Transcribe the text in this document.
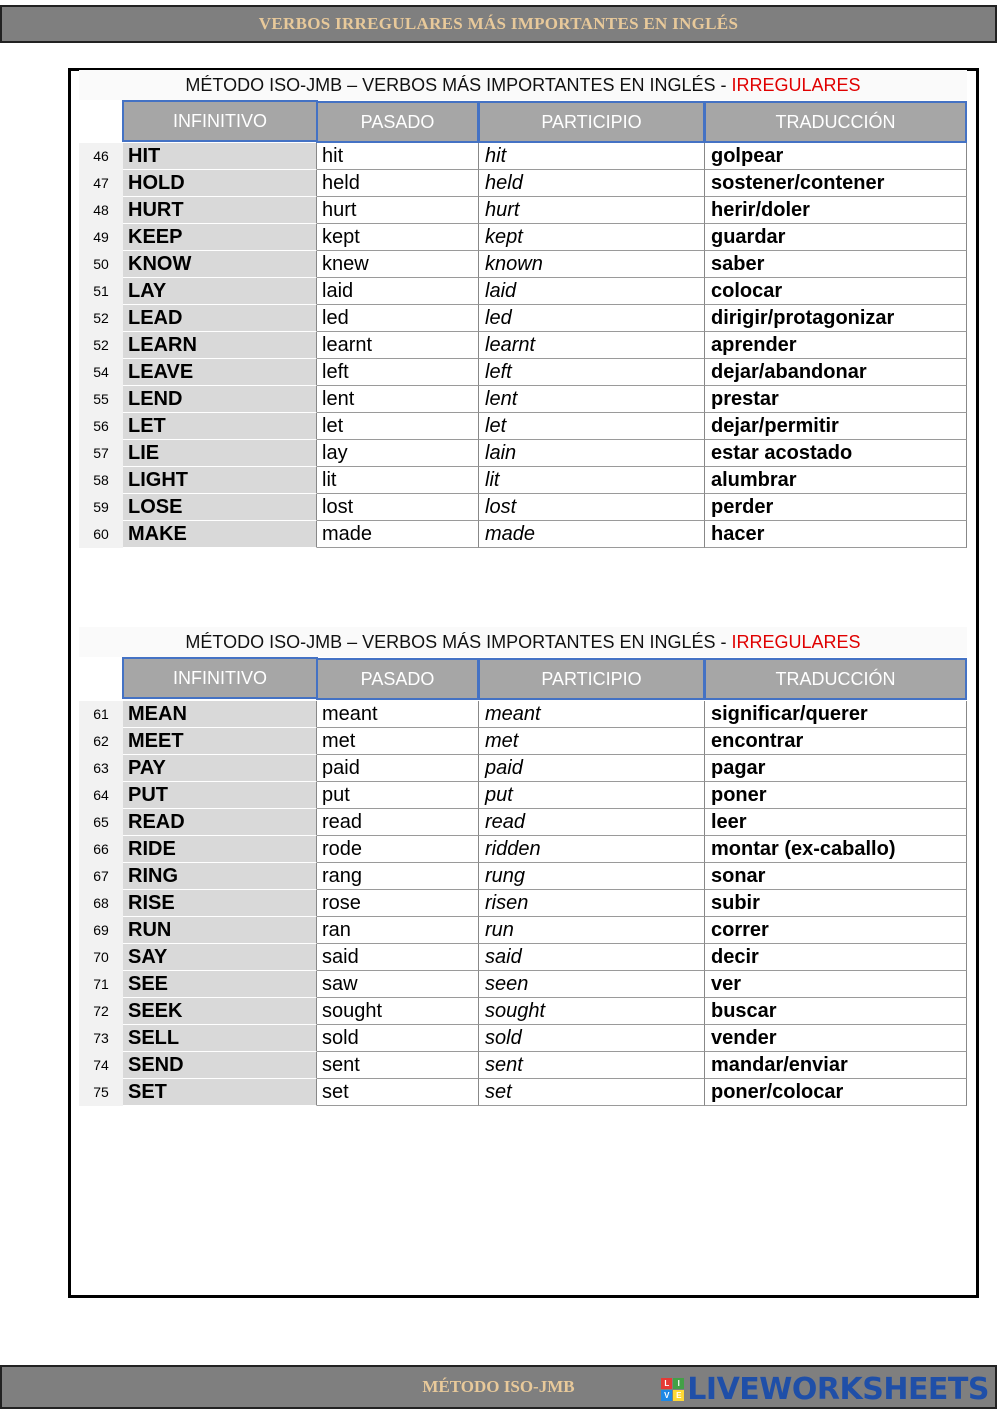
VERBOS IRREGULARES MÁS IMPORTANTES EN INGLÉS
MÉTODO ISO-JMB – VERBOS MÁS IMPORTANTES EN INGLÉS - IRREGULARES
INFINITIVO	PASADO	PARTICIPIO	TRADUCCIÓN
46 HIT	hit	hit	golpear
47 HOLD	held	held	sostener/contener
48 HURT	hurt	hurt	herir/doler
49 KEEP	kept	kept	guardar
50 KNOW	knew	known	saber
51 LAY	laid	laid	colocar
52 LEAD	led	led	dirigir/protagonizar
52 LEARN	learnt	learnt	aprender
54 LEAVE	left	left	dejar/abandonar
55 LEND	lent	lent	prestar
56 LET	let	let	dejar/permitir
57 LIE	lay	lain	estar acostado
58 LIGHT	lit	lit	alumbrar
59 LOSE	lost	lost	perder
60 MAKE	made	made	hacer
MÉTODO ISO-JMB – VERBOS MÁS IMPORTANTES EN INGLÉS - IRREGULARES
INFINITIVO	PASADO	PARTICIPIO	TRADUCCIÓN
61 MEAN	meant	meant	significar/querer
62 MEET	met	met	encontrar
63 PAY	paid	paid	pagar
64 PUT	put	put	poner
65 READ	read	read	leer
66 RIDE	rode	ridden	montar (ex-caballo)
67 RING	rang	rung	sonar
68 RISE	rose	risen	subir
69 RUN	ran	run	correr
70 SAY	said	said	decir
71 SEE	saw	seen	ver
72 SEEK	sought	sought	buscar
73 SELL	sold	sold	vender
74 SEND	sent	sent	mandar/enviar
75 SET	set	set	poner/colocar
MÉTODO ISO-JMB	L	I
V E LIVEWORKSHEETS
